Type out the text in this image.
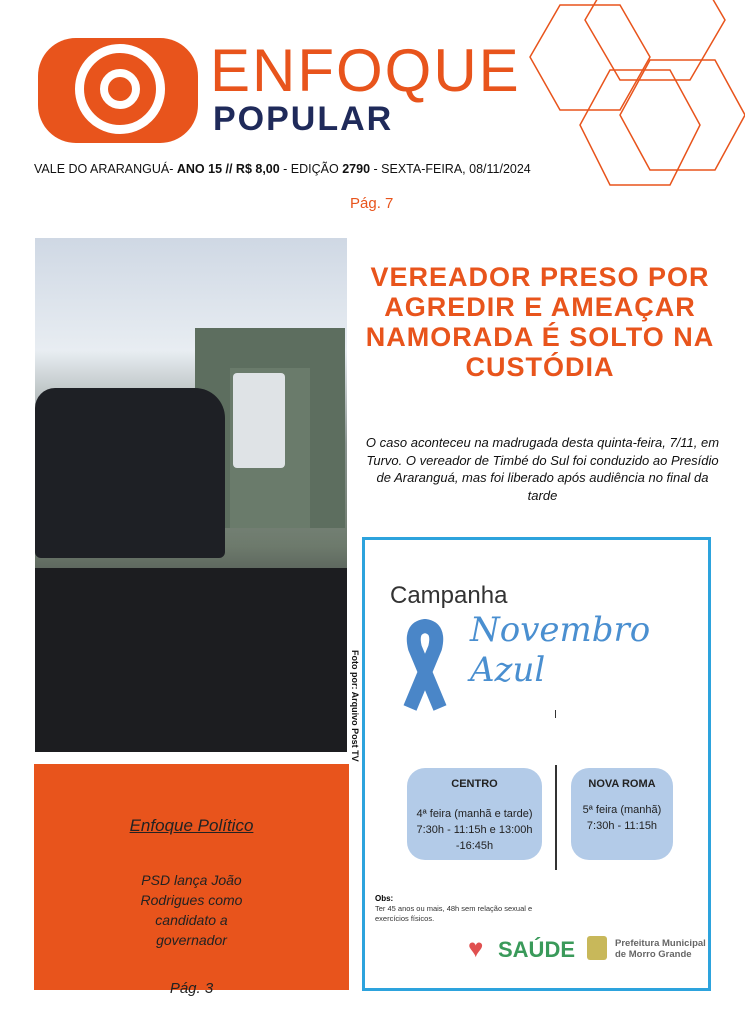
ENFOQUE
POPULAR
VALE DO ARARANGUÁ- ANO 15 // R$ 8,00 - EDIÇÃO 2790 - SEXTA-FEIRA, 08/11/2024
Pág. 7
Foto por: Arquivo Post TV
VEREADOR PRESO POR AGREDIR E AMEAÇAR NAMORADA É SOLTO NA CUSTÓDIA
O caso aconteceu na madrugada desta quinta-feira, 7/11, em Turvo. O vereador de Timbé do Sul foi conduzido ao Presídio de Araranguá, mas foi liberado após audiência no final da tarde
Enfoque Político
PSD lança João Rodrigues como candidato a governador
Pág. 3
Campanha
Novembro Azul
CENTRO
4ª feira (manhã e tarde)
7:30h - 11:15h e 13:00h -16:45h
NOVA ROMA
5ª feira (manhã)
7:30h - 11:15h
Obs:
Ter 45 anos ou mais, 48h sem relação sexual e exercícios físicos.
♥ SAÚDE	Prefeitura Municipal de Morro Grande
